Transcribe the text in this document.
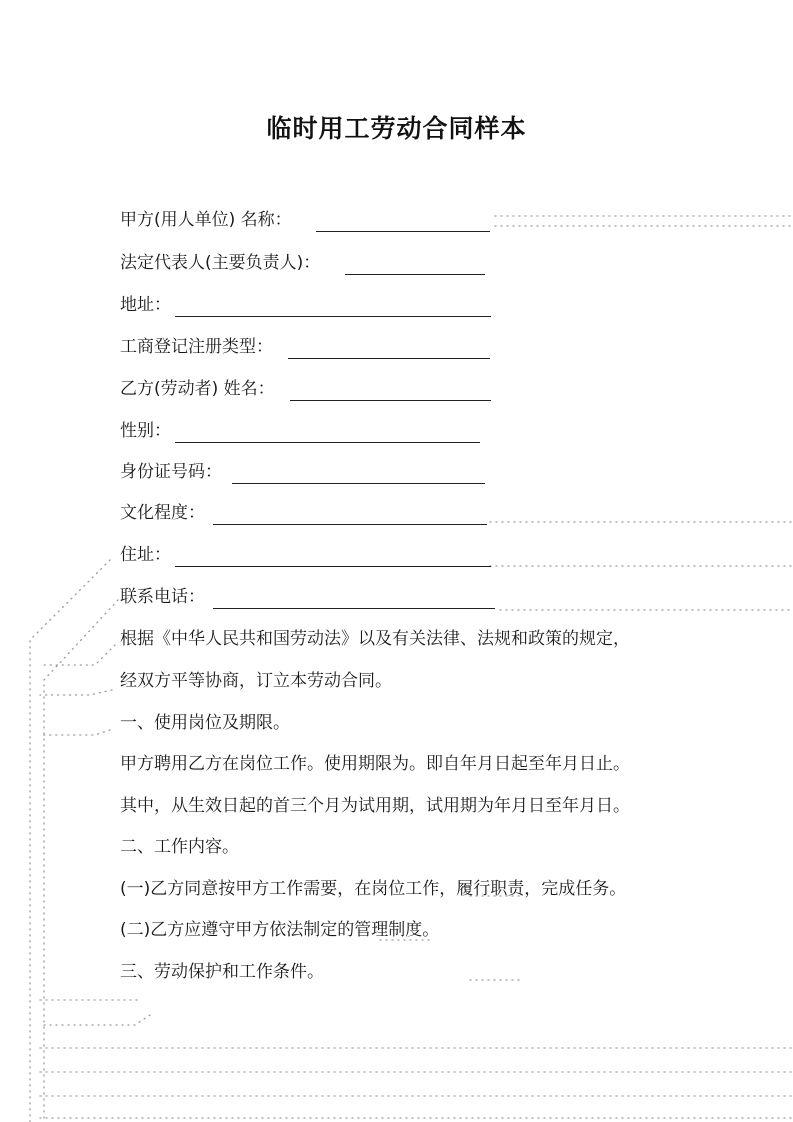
临时用工劳动合同样本
甲方(用人单位) 名称：
法定代表人(主要负责人)：
地址：
工商登记注册类型：
乙方(劳动者) 姓名：
性别：
身份证号码：
文化程度：
住址：
联系电话：
根据《中华人民共和国劳动法》以及有关法律、法规和政策的规定，
经双方平等协商，订立本劳动合同。
一、使用岗位及期限。
甲方聘用乙方在岗位工作。使用期限为。即自年月日起至年月日止。
其中，从生效日起的首三个月为试用期，试用期为年月日至年月日。
二、工作内容。
(一)乙方同意按甲方工作需要，在岗位工作，履行职责，完成任务。
(二)乙方应遵守甲方依法制定的管理制度。
三、劳动保护和工作条件。
